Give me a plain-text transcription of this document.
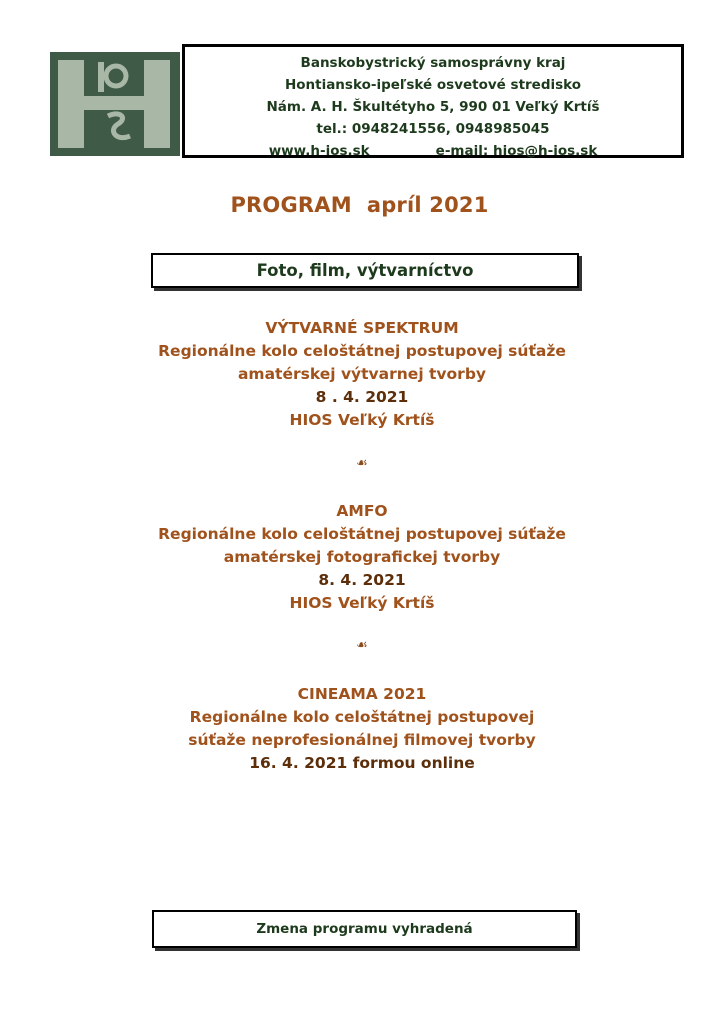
Banskobystrický samosprávny kraj
Hontiansko-ipeľské osvetové stredisko
Nám. A. H. Škultétyho 5, 990 01 Veľký Krtíš
tel.: 0948241556, 0948985045
www.h-ios.sk	e-mail: hios@h-ios.sk
PROGRAM  apríl 2021
Foto, film, výtvarníctvo
VÝTVARNÉ SPEKTRUM
Regionálne kolo celoštátnej postupovej súťaže
amatérskej výtvarnej tvorby
8 . 4. 2021
HIOS Veľký Krtíš
☙
AMFO
Regionálne kolo celoštátnej postupovej súťaže
amatérskej fotografickej tvorby
8. 4. 2021
HIOS Veľký Krtíš
☙
CINEAMA 2021
Regionálne kolo celoštátnej postupovej
súťaže neprofesionálnej filmovej tvorby
16. 4. 2021 formou online
Zmena programu vyhradená
